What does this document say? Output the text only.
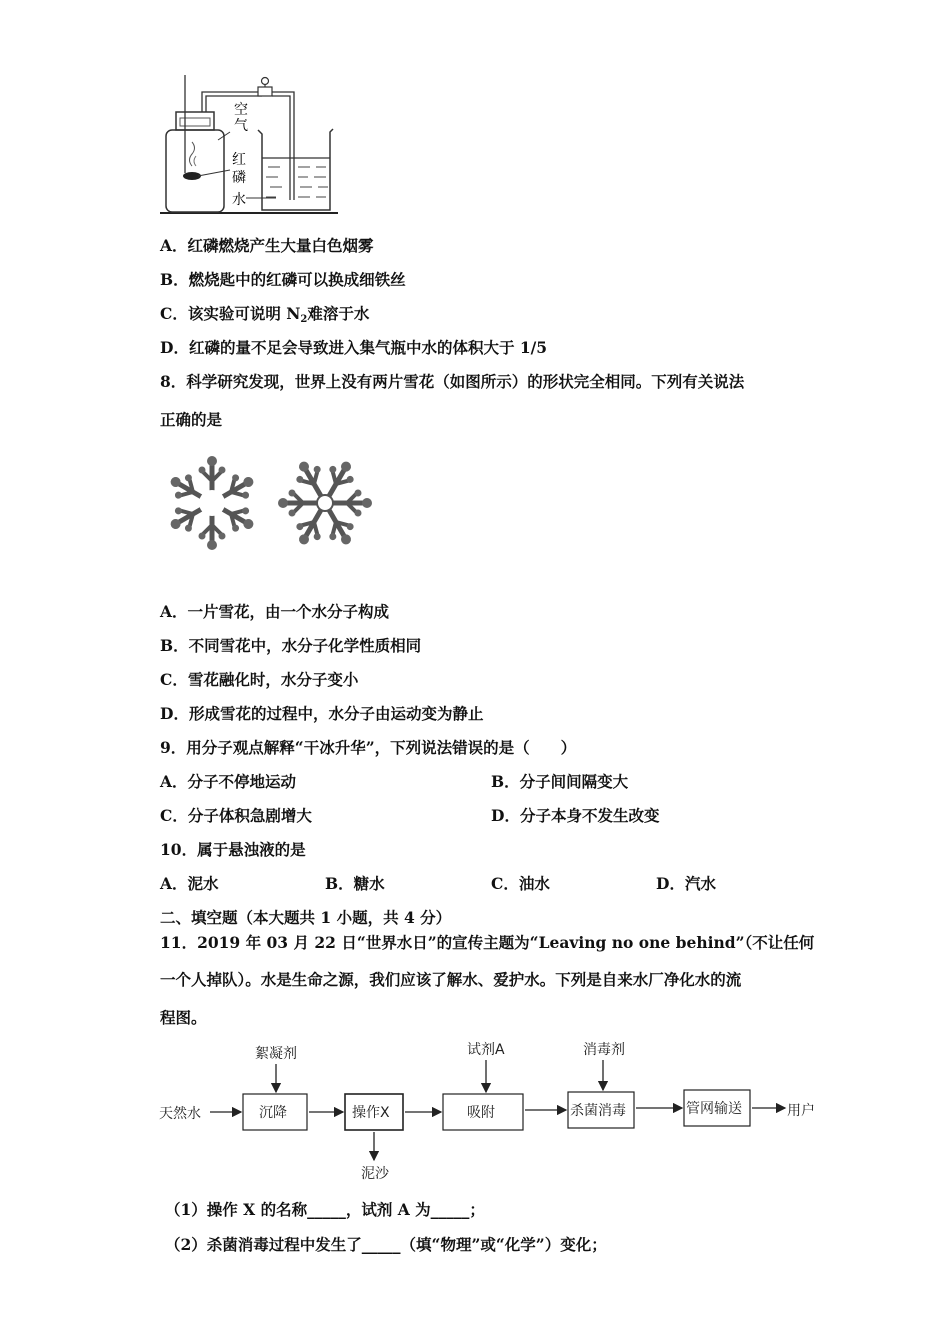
空
气
红
磷
水
A．红磷燃烧产生大量白色烟雾
B．燃烧匙中的红磷可以换成细铁丝
C．该实验可说明 $N_2$难溶于水
D．红磷的量不足会导致进入集气瓶中水的体积大于 1/5
8．科学研究发现，世界上没有两片雪花（如图所示）的形状完全相同。下列有关说法
正确的是
A．一片雪花，由一个水分子构成
B．不同雪花中，水分子化学性质相同
C．雪花融化时，水分子变小
D．形成雪花的过程中，水分子由运动变为静止
9．用分子观点解释“干冰升华”，下列说法错误的是（　　）
A．分子不停地运动	B．分子间间隔变大
C．分子体积急剧增大	D．分子本身不发生改变
10．属于悬浊液的是
A．泥水	B．糖水	C．油水	D．汽水
二、填空题（本大题共 1 小题，共 4 分）
11．2019 年 03 月 22 日“世界水日”的宣传主题为“Leaving no one behind”（不让任何
一个人掉队）。水是生命之源，我们应该了解水、爱护水。下列是自来水厂净化水的流
程图。
絮凝剂	试剂A	消毒剂
天然水	沉降	操作X	吸附	杀菌消毒	管网输送	用户
泥沙
（1）操作 X 的名称_____，试剂 A 为_____；
（2）杀菌消毒过程中发生了_____（填“物理”或“化学”）变化；
